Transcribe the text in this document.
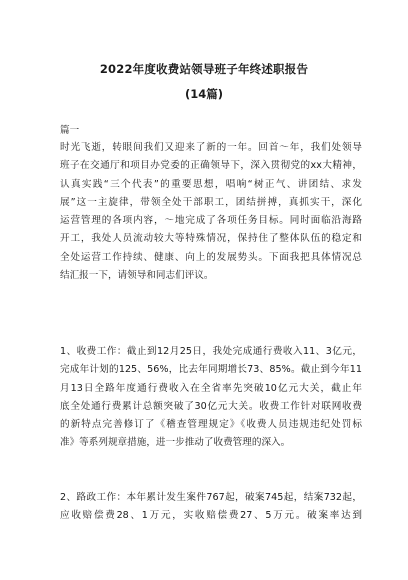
2022年度收费站领导班子年终述职报告
(14篇)
篇一
时光飞逝，转眼间我们又迎来了新的一年。回首～年，我们处领导
班子在交通厅和项目办党委的正确领导下，深入贯彻党的xx大精神，
认真实践“三个代表”的重要思想，唱响“树正气、讲团结、求发
展”这一主旋律，带领全处干部职工，团结拼搏，真抓实干，深化
运营管理的各项内容，～地完成了各项任务目标。同时面临沿海路
开工，我处人员流动较大等特殊情况，保持住了整体队伍的稳定和
全处运营工作持续、健康、向上的发展势头。下面我把具体情况总
结汇报一下，请领导和同志们评议。
1、收费工作：截止到12月25日，我处完成通行费收入11、3亿元，
完成年计划的125、56%，比去年同期增长73、85%。截止到今年11
月13日全路年度通行费收入在全省率先突破10亿元大关，截止年
底全处通行费累计总额突破了30亿元大关。收费工作针对联网收费
的新特点完善修订了《稽查管理规定》《收费人员违规违纪处罚标
准》等系列规章措施，进一步推动了收费管理的深入。
2、路政工作：本年累计发生案件767起，破案745起，结案732起，
应收赔偿费28、1万元，实收赔偿费27、5万元。破案率达到
